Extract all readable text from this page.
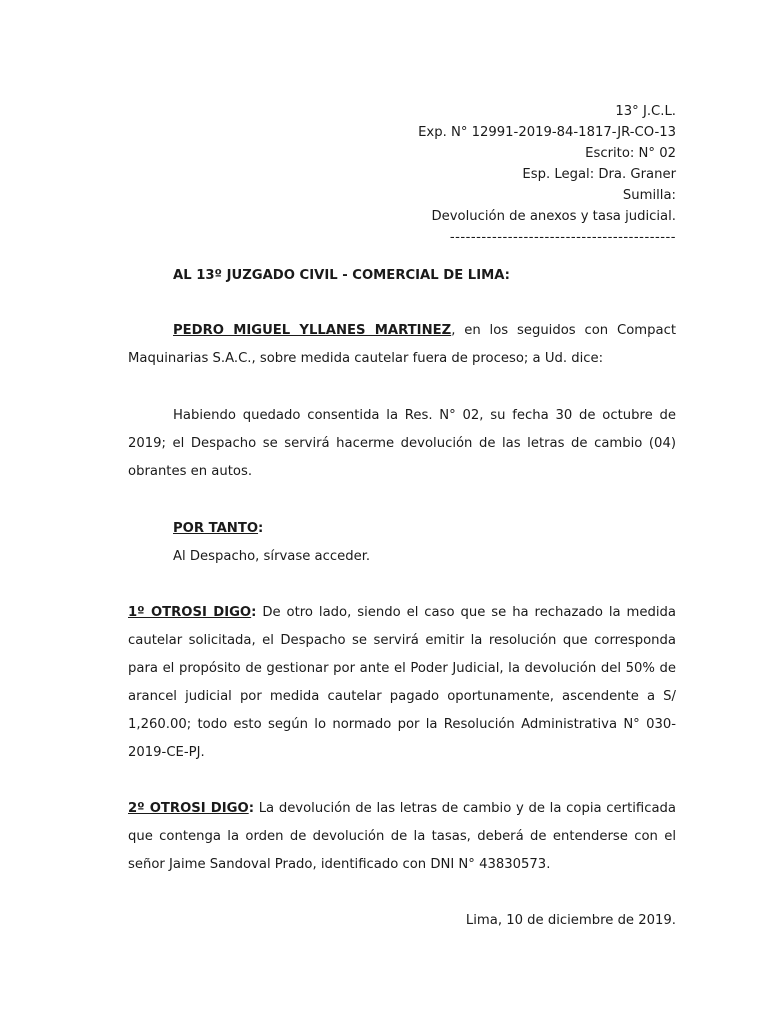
13° J.C.L.
Exp. N° 12991-2019-84-1817-JR-CO-13
Escrito: N° 02
Esp. Legal: Dra. Graner
Sumilla:
Devolución de anexos y tasa judicial.
-------------------------------------------

AL 13º JUZGADO CIVIL - COMERCIAL DE LIMA:

PEDRO MIGUEL YLLANES MARTINEZ, en los seguidos con Compact Maquinarias S.A.C., sobre medida cautelar fuera de proceso; a Ud. dice:

Habiendo quedado consentida la Res. N° 02, su fecha 30 de octubre de 2019; el Despacho se servirá hacerme devolución de las letras de cambio (04) obrantes en autos.

POR TANTO:

Al Despacho, sírvase acceder.

1º OTROSI DIGO: De otro lado, siendo el caso que se ha rechazado la medida cautelar solicitada, el Despacho se servirá emitir la resolución que corresponda para el propósito de gestionar por ante el Poder Judicial, la devolución del 50% de arancel judicial por medida cautelar pagado oportunamente, ascendente a S/ 1,260.00; todo esto según lo normado por la Resolución Administrativa N° 030-2019-CE-PJ.

2º OTROSI DIGO: La devolución de las letras de cambio y de la copia certificada que contenga la orden de devolución de la tasas, deberá de entenderse con el señor Jaime Sandoval Prado, identificado con DNI N° 43830573.

Lima, 10 de diciembre de 2019.
